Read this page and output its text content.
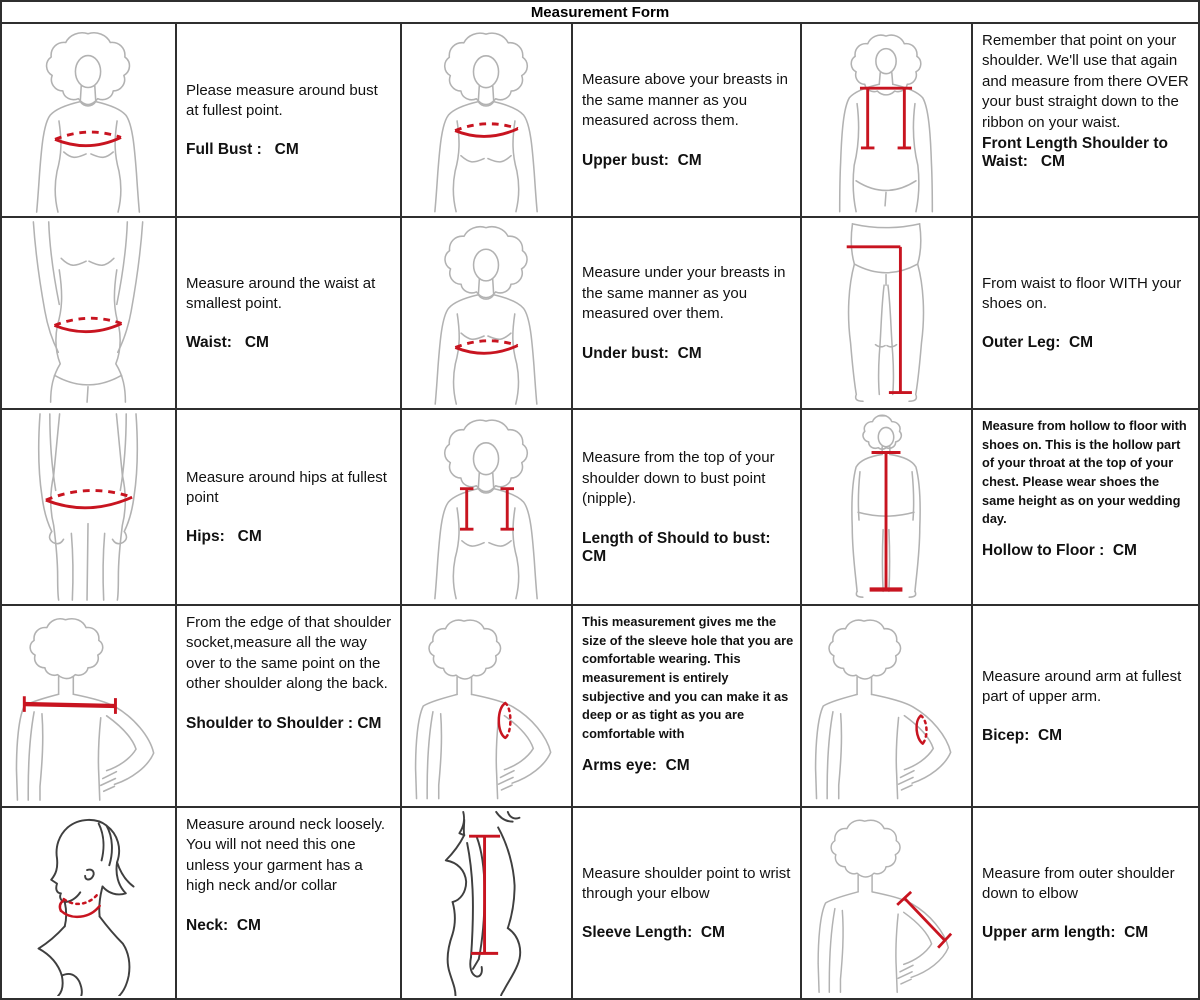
Measurement Form
Please measure around bust at fullest point.
Full Bust :   CM
Measure above your breasts in the same manner as you measured across them.
Upper bust:  CM
Remember that point on your shoulder. We'll use that again and measure from there OVER your bust straight down to the ribbon on your waist.
Front Length Shoulder to Waist:   CM
Measure around the waist at smallest point.
Waist:   CM
Measure under your breasts in the same manner as you measured over them.
Under bust:  CM
From waist to floor WITH your shoes on.
Outer Leg:  CM
Measure around hips at fullest point
Hips:   CM
Measure from the top of your shoulder down to bust point (nipple).
Length of Should to bust:  CM
Measure from hollow to floor with shoes on. This is the hollow part of your throat at the top of your chest. Please wear shoes the same height as on your wedding day.
Hollow to Floor :  CM
From the edge of that shoulder socket,measure all the way over to the same point on the other shoulder along the back.
Shoulder to Shoulder : CM
This measurement gives me the size of the sleeve hole that you are comfortable wearing. This measurement is entirely subjective and you can make it as deep or as tight as you are comfortable with
Arms eye:  CM
Measure around arm at fullest part of upper arm.
Bicep:  CM
Measure around neck loosely. You will not need this one unless your garment has a high neck and/or collar
Neck:  CM
Measure shoulder point to wrist through your elbow
Sleeve Length:  CM
Measure from outer shoulder down to elbow
Upper arm length:  CM
